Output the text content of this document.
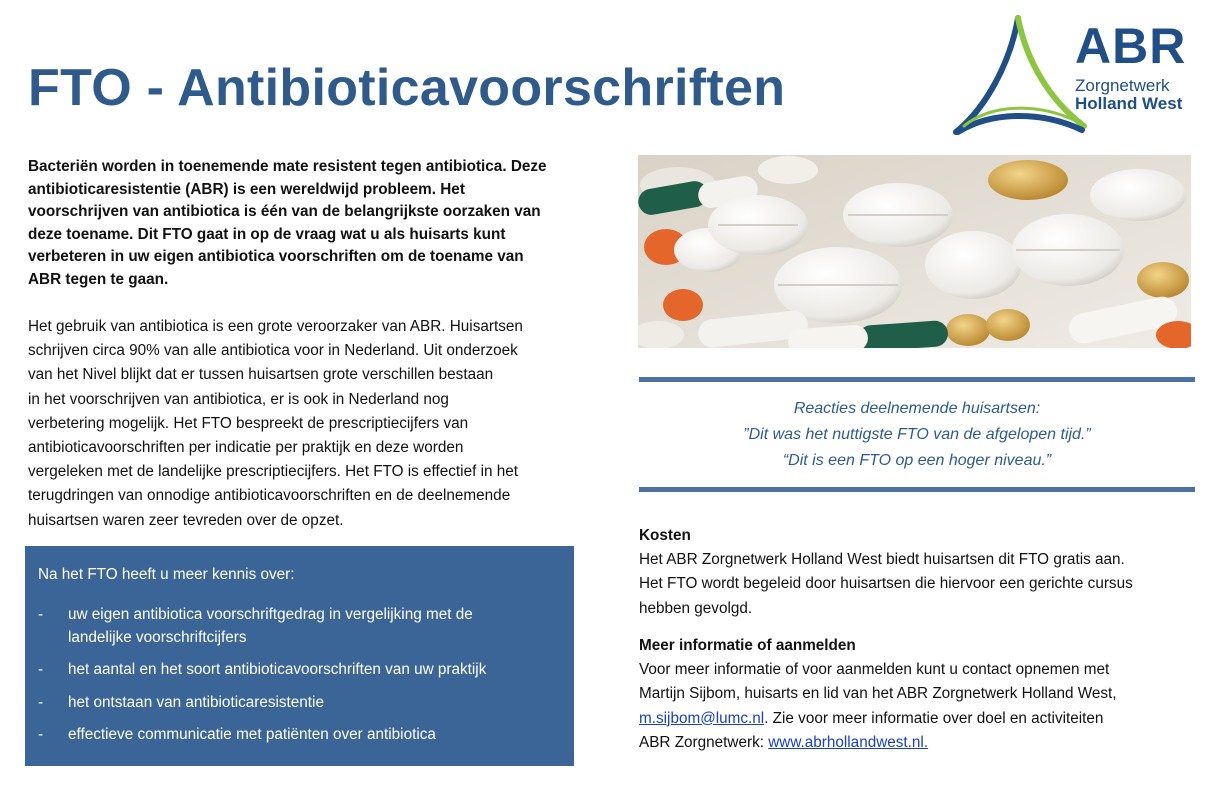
FTO - Antibioticavoorschriften
ABR
Zorgnetwerk
Holland West
Bacteriën worden in toenemende mate resistent tegen antibiotica. Deze
antibioticaresistentie (ABR) is een wereldwijd probleem. Het
voorschrijven van antibiotica is één van de belangrijkste oorzaken van
deze toename. Dit FTO gaat in op de vraag wat u als huisarts kunt
verbeteren in uw eigen antibiotica voorschriften om de toename van
ABR tegen te gaan.
Het gebruik van antibiotica is een grote veroorzaker van ABR. Huisartsen
schrijven circa 90% van alle antibiotica voor in Nederland. Uit onderzoek
van het Nivel blijkt dat er tussen huisartsen grote verschillen bestaan
in het voorschrijven van antibiotica, er is ook in Nederland nog
verbetering mogelijk. Het FTO bespreekt de prescriptiecijfers van
antibioticavoorschriften per indicatie per praktijk en deze worden
vergeleken met de landelijke prescriptiecijfers. Het FTO is effectief in het
terugdringen van onnodige antibioticavoorschriften en de deelnemende
huisartsen waren zeer tevreden over de opzet.

Na het FTO heeft u meer kennis over:

- uw eigen antibiotica voorschriftgedrag in vergelijking met de
landelijke voorschriftcijfers
- het aantal en het soort antibioticavoorschriften van uw praktijk
- het ontstaan van antibioticaresistentie
- effectieve communicatie met patiënten over antibiotica
Reacties deelnemende huisartsen:
”Dit was het nuttigste FTO van de afgelopen tijd.”
“Dit is een FTO op een hoger niveau.”
Kosten
Het ABR Zorgnetwerk Holland West biedt huisartsen dit FTO gratis aan.
Het FTO wordt begeleid door huisartsen die hiervoor een gerichte cursus
hebben gevolgd.
Meer informatie of aanmelden
Voor meer informatie of voor aanmelden kunt u contact opnemen met
Martijn Sijbom, huisarts en lid van het ABR Zorgnetwerk Holland West,
m.sijbom@lumc.nl. Zie voor meer informatie over doel en activiteiten
ABR Zorgnetwerk: www.abrhollandwest.nl.
